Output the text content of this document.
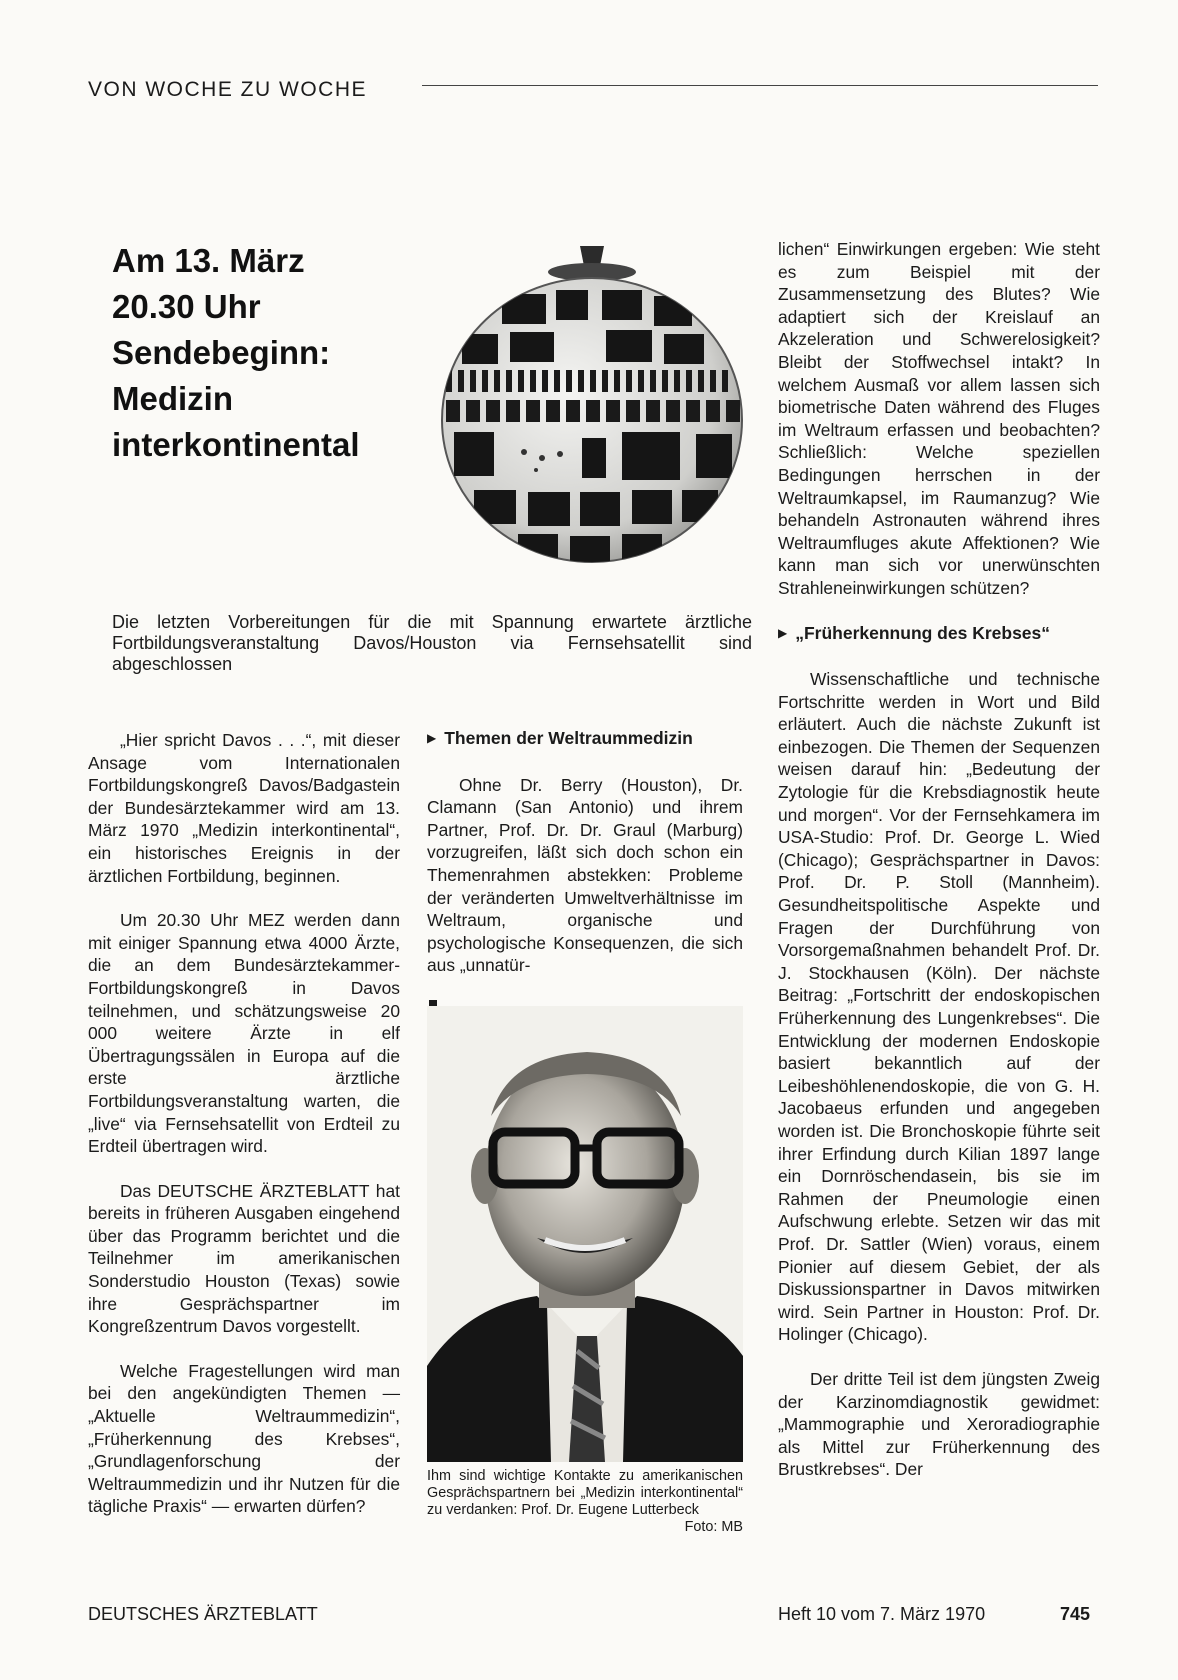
VON WOCHE ZU WOCHE
Am 13. März
20.30 Uhr
Sendebeginn:
Medizin
interkontinental
Die letzten Vorbereitungen für die mit Spannung erwartete ärztliche Fortbildungsveranstaltung Davos/Houston via Fernsehsatellit sind abgeschlossen

„Hier spricht Davos . . .“, mit dieser Ansage vom Internationalen Fortbildungskongreß Davos/Badgastein der Bundesärztekammer wird am 13. März 1970 „Medizin interkontinental“, ein historisches Ereignis in der ärztlichen Fortbildung, beginnen.

Um 20.30 Uhr MEZ werden dann mit einiger Spannung etwa 4000 Ärzte, die an dem Bundesärztekammer-Fortbildungskongreß in Davos teilnehmen, und schätzungsweise 20 000 weitere Ärzte in elf Übertragungssälen in Europa auf die erste ärztliche Fortbildungsveranstaltung warten, die „live“ via Fernsehsatellit von Erdteil zu Erdteil übertragen wird.

Das DEUTSCHE ÄRZTEBLATT hat bereits in früheren Ausgaben eingehend über das Programm berichtet und die Teilnehmer im amerikanischen Sonderstudio Houston (Texas) sowie ihre Gesprächspartner im Kongreßzentrum Davos vorgestellt.

Welche Fragestellungen wird man bei den angekündigten Themen — „Aktuelle Weltraummedizin“, „Früherkennung des Krebses“, „Grundlagenforschung der Weltraummedizin und ihr Nutzen für die tägliche Praxis“ — erwarten dürfen?

▶ Themen der Weltraummedizin

Ohne Dr. Berry (Houston), Dr. Clamann (San Antonio) und ihrem Partner, Prof. Dr. Dr. Graul (Marburg) vorzugreifen, läßt sich doch schon ein Themenrahmen abstekken: Probleme der veränderten Umweltverhältnisse im Weltraum, organische und psychologische Konsequenzen, die sich aus „unnatür-

Ihm sind wichtige Kontakte zu amerikanischen Gesprächspartnern bei „Medizin interkontinental“ zu verdanken: Prof. Dr. Eugene Lutterbeck
Foto: MB

lichen“ Einwirkungen ergeben: Wie steht es zum Beispiel mit der Zusammensetzung des Blutes? Wie adaptiert sich der Kreislauf an Akzeleration und Schwerelosigkeit? Bleibt der Stoffwechsel intakt? In welchem Ausmaß vor allem lassen sich biometrische Daten während des Fluges im Weltraum erfassen und beobachten? Schließlich: Welche speziellen Bedingungen herrschen in der Weltraumkapsel, im Raumanzug? Wie behandeln Astronauten während ihres Weltraumfluges akute Affektionen? Wie kann man sich vor unerwünschten Strahleneinwirkungen schützen?

▶ „Früherkennung des Krebses“

Wissenschaftliche und technische Fortschritte werden in Wort und Bild erläutert. Auch die nächste Zukunft ist einbezogen. Die Themen der Sequenzen weisen darauf hin: „Bedeutung der Zytologie für die Krebsdiagnostik heute und morgen“. Vor der Fernsehkamera im USA-Studio: Prof. Dr. George L. Wied (Chicago); Gesprächspartner in Davos: Prof. Dr. P. Stoll (Mannheim). Gesundheitspolitische Aspekte und Fragen der Durchführung von Vorsorgemaßnahmen behandelt Prof. Dr. J. Stockhausen (Köln). Der nächste Beitrag: „Fortschritt der endoskopischen Früherkennung des Lungenkrebses“. Die Entwicklung der modernen Endoskopie basiert bekanntlich auf der Leibeshöhlenendoskopie, die von G. H. Jacobaeus erfunden und angegeben worden ist. Die Bronchoskopie führte seit ihrer Erfindung durch Kilian 1897 lange ein Dornröschendasein, bis sie im Rahmen der Pneumologie einen Aufschwung erlebte. Setzen wir das mit Prof. Dr. Sattler (Wien) voraus, einem Pionier auf diesem Gebiet, der als Diskussionspartner in Davos mitwirken wird. Sein Partner in Houston: Prof. Dr. Holinger (Chicago).

Der dritte Teil ist dem jüngsten Zweig der Karzinomdiagnostik gewidmet: „Mammographie und Xeroradiographie als Mittel zur Früherkennung des Brustkrebses“. Der

DEUTSCHES ÄRZTEBLATT	Heft 10 vom 7. März 1970	745
